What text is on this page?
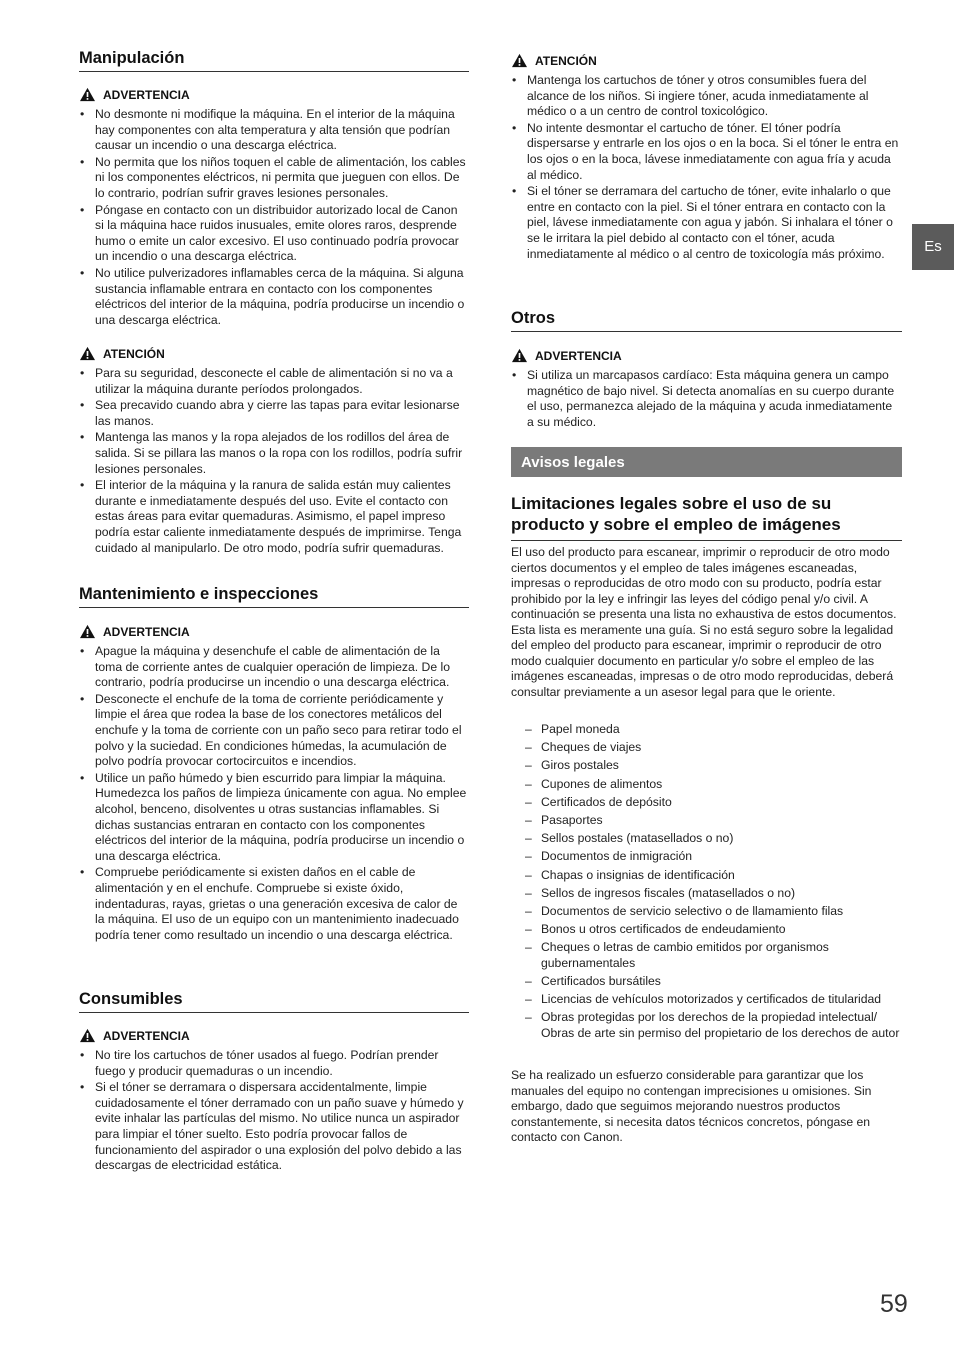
Manipulación
ADVERTENCIA
• No desmonte ni modifique la máquina. En el interior de la máquina hay componentes con alta temperatura y alta tensión que podrían causar un incendio o una descarga eléctrica.
• No permita que los niños toquen el cable de alimentación, los cables ni los componentes eléctricos, ni permita que jueguen con ellos. De lo contrario, podrían sufrir graves lesiones personales.
• Póngase en contacto con un distribuidor autorizado local de Canon si la máquina hace ruidos inusuales, emite olores raros, desprende humo o emite un calor excesivo. El uso continuado podría provocar un incendio o una descarga eléctrica.
• No utilice pulverizadores inflamables cerca de la máquina. Si alguna sustancia inflamable entrara en contacto con los componentes eléctricos del interior de la máquina, podría producirse un incendio o una descarga eléctrica.
ATENCIÓN
• Para su seguridad, desconecte el cable de alimentación si no va a utilizar la máquina durante períodos prolongados.
• Sea precavido cuando abra y cierre las tapas para evitar lesionarse las manos.
• Mantenga las manos y la ropa alejados de los rodillos del área de salida. Si se pillara las manos o la ropa con los rodillos, podría sufrir lesiones personales.
• El interior de la máquina y la ranura de salida están muy calientes durante e inmediatamente después del uso. Evite el contacto con estas áreas para evitar quemaduras. Asimismo, el papel impreso podría estar caliente inmediatamente después de imprimirse. Tenga cuidado al manipularlo. De otro modo, podría sufrir quemaduras.
Mantenimiento e inspecciones
ADVERTENCIA
• Apague la máquina y desenchufe el cable de alimentación de la toma de corriente antes de cualquier operación de limpieza. De lo contrario, podría producirse un incendio o una descarga eléctrica.
• Desconecte el enchufe de la toma de corriente periódicamente y limpie el área que rodea la base de los conectores metálicos del enchufe y la toma de corriente con un paño seco para retirar todo el polvo y la suciedad. En condiciones húmedas, la acumulación de polvo podría provocar cortocircuitos e incendios.
• Utilice un paño húmedo y bien escurrido para limpiar la máquina. Humedezca los paños de limpieza únicamente con agua. No emplee alcohol, benceno, disolventes u otras sustancias inflamables. Si dichas sustancias entraran en contacto con los componentes eléctricos del interior de la máquina, podría producirse un incendio o una descarga eléctrica.
• Compruebe periódicamente si existen daños en el cable de alimentación y en el enchufe. Compruebe si existe óxido, indentaduras, rayas, grietas o una generación excesiva de calor de la máquina. El uso de un equipo con un mantenimiento inadecuado podría tener como resultado un incendio o una descarga eléctrica.
Consumibles
ADVERTENCIA
• No tire los cartuchos de tóner usados al fuego. Podrían prender fuego y producir quemaduras o un incendio.
• Si el tóner se derramara o dispersara accidentalmente, limpie cuidadosamente el tóner derramado con un paño suave y húmedo y evite inhalar las partículas del mismo. No utilice nunca un aspirador para limpiar el tóner suelto. Esto podría provocar fallos de funcionamiento del aspirador o una explosión del polvo debido a las descargas de electricidad estática.
ATENCIÓN
• Mantenga los cartuchos de tóner y otros consumibles fuera del alcance de los niños. Si ingiere tóner, acuda inmediatamente al médico o a un centro de control toxicológico.
• No intente desmontar el cartucho de tóner. El tóner podría dispersarse y entrarle en los ojos o en la boca. Si el tóner le entra en los ojos o en la boca, lávese inmediatamente con agua fría y acuda al médico.
• Si el tóner se derramara del cartucho de tóner, evite inhalarlo o que entre en contacto con la piel. Si el tóner entrara en contacto con la piel, lávese inmediatamente con agua y jabón. Si inhalara el tóner o se le irritara la piel debido al contacto con el tóner, acuda inmediatamente al médico o al centro de toxicología más próximo.
Otros
ADVERTENCIA
• Si utiliza un marcapasos cardíaco: Esta máquina genera un campo magnético de bajo nivel. Si detecta anomalías en su cuerpo durante el uso, permanezca alejado de la máquina y acuda inmediatamente a su médico.
Avisos legales
Limitaciones legales sobre el uso de su producto y sobre el empleo de imágenes

El uso del producto para escanear, imprimir o reproducir de otro modo ciertos documentos y el empleo de tales imágenes escaneadas, impresas o reproducidas de otro modo con su producto, podría estar prohibido por la ley e infringir las leyes del código penal y/o civil. A continuación se presenta una lista no exhaustiva de estos documentos. Esta lista es meramente una guía. Si no está seguro sobre la legalidad del empleo del producto para escanear, imprimir o reproducir de otro modo cualquier documento en particular y/o sobre el empleo de las imágenes escaneadas, impresas o de otro modo reproducidas, deberá consultar previamente a un asesor legal para que le oriente.

– Papel moneda
– Cheques de viajes
– Giros postales
– Cupones de alimentos
– Certificados de depósito
– Pasaportes
– Sellos postales (matasellados o no)
– Documentos de inmigración
– Chapas o insignias de identificación
– Sellos de ingresos fiscales (matasellados o no)
– Documentos de servicio selectivo o de llamamiento filas
– Bonos u otros certificados de endeudamiento
– Cheques o letras de cambio emitidos por organismos gubernamentales
– Certificados bursátiles
– Licencias de vehículos motorizados y certificados de titularidad
– Obras protegidas por los derechos de la propiedad intelectual/ Obras de arte sin permiso del propietario de los derechos de autor

Se ha realizado un esfuerzo considerable para garantizar que los manuales del equipo no contengan imprecisiones u omisiones. Sin embargo, dado que seguimos mejorando nuestros productos constantemente, si necesita datos técnicos concretos, póngase en contacto con Canon.

Es
59
